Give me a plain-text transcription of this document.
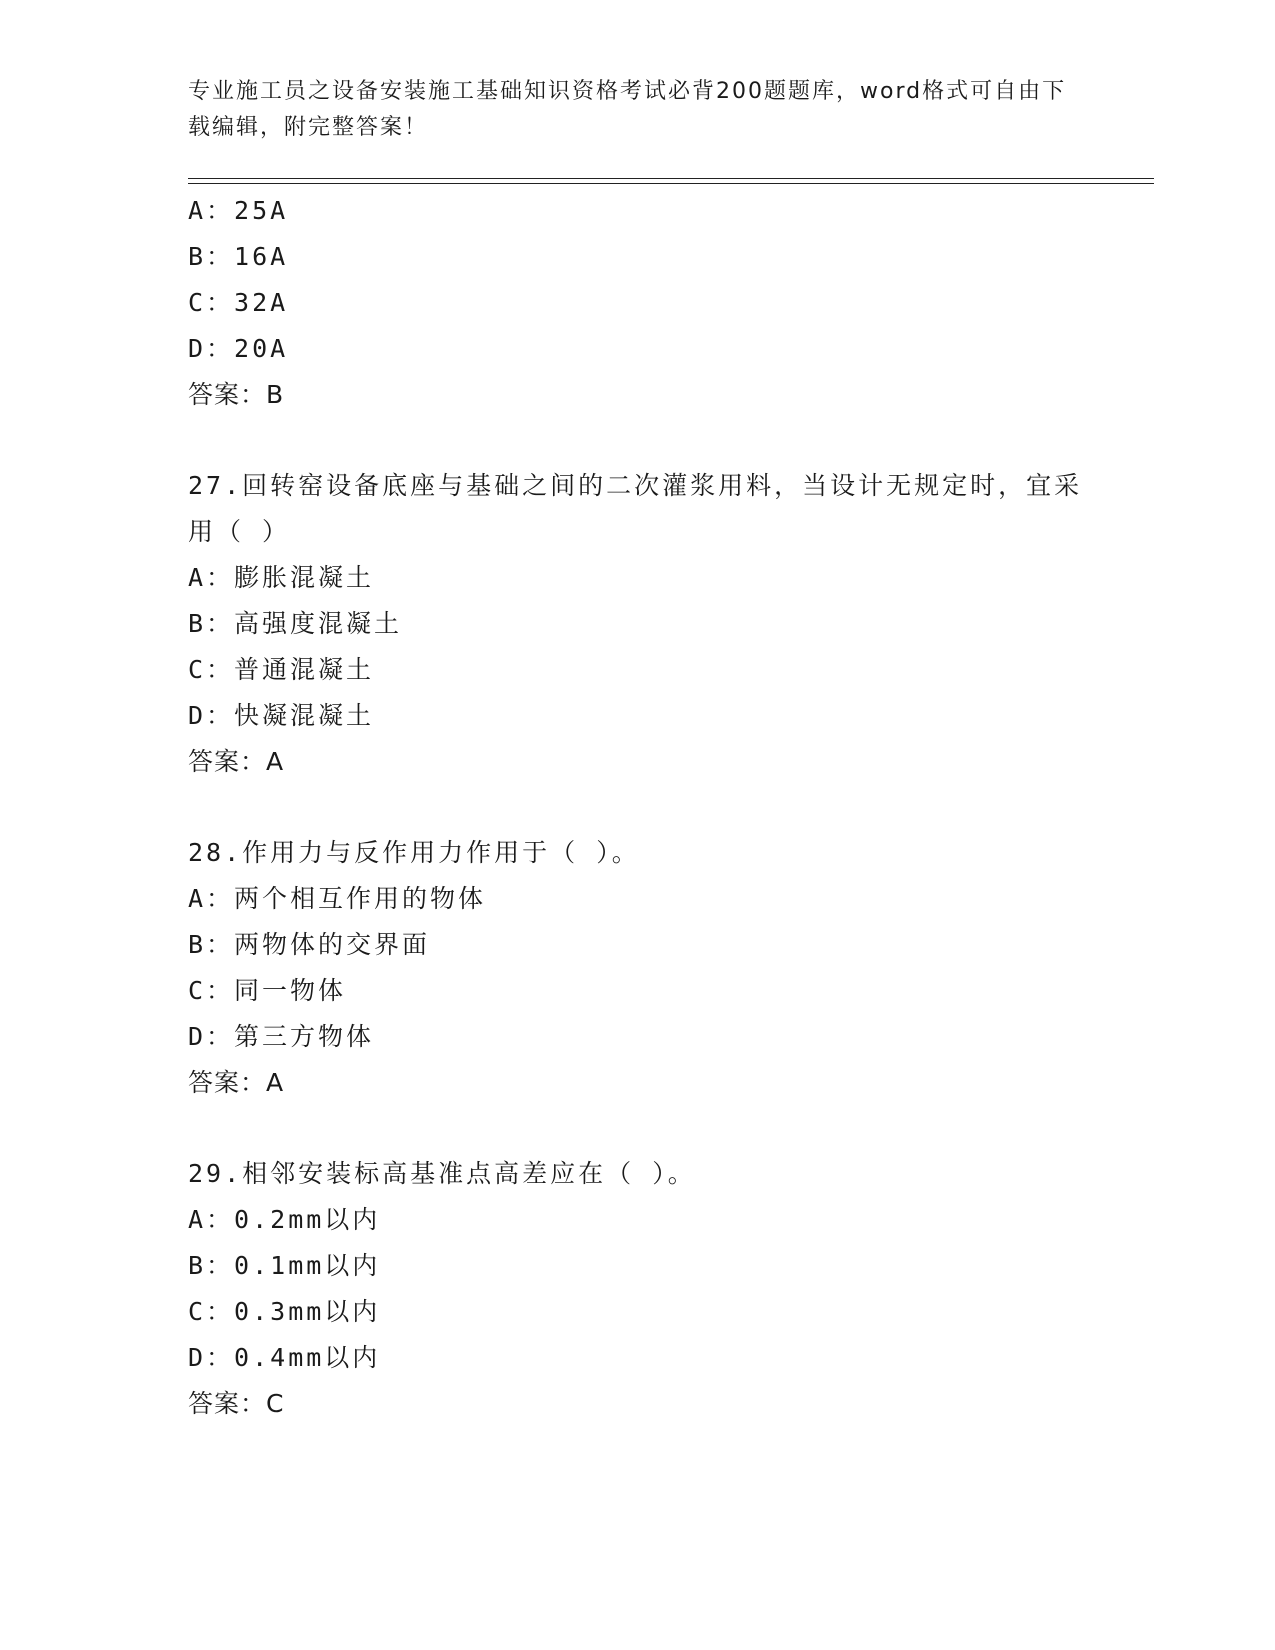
专业施工员之设备安装施工基础知识资格考试必背200题题库，word格式可自由下载编辑，附完整答案！
A：25A
B：16A
C：32A
D：20A
答案：B
27.回转窑设备底座与基础之间的二次灌浆用料，当设计无规定时，宜采用（ ）
A：膨胀混凝土
B：高强度混凝土
C：普通混凝土
D：快凝混凝土
答案：A
28.作用力与反作用力作用于（ ）。
A：两个相互作用的物体
B：两物体的交界面
C：同一物体
D：第三方物体
答案：A
29.相邻安装标高基准点高差应在（ ）。
A：0.2mm以内
B：0.1mm以内
C：0.3mm以内
D：0.4mm以内
答案：C
